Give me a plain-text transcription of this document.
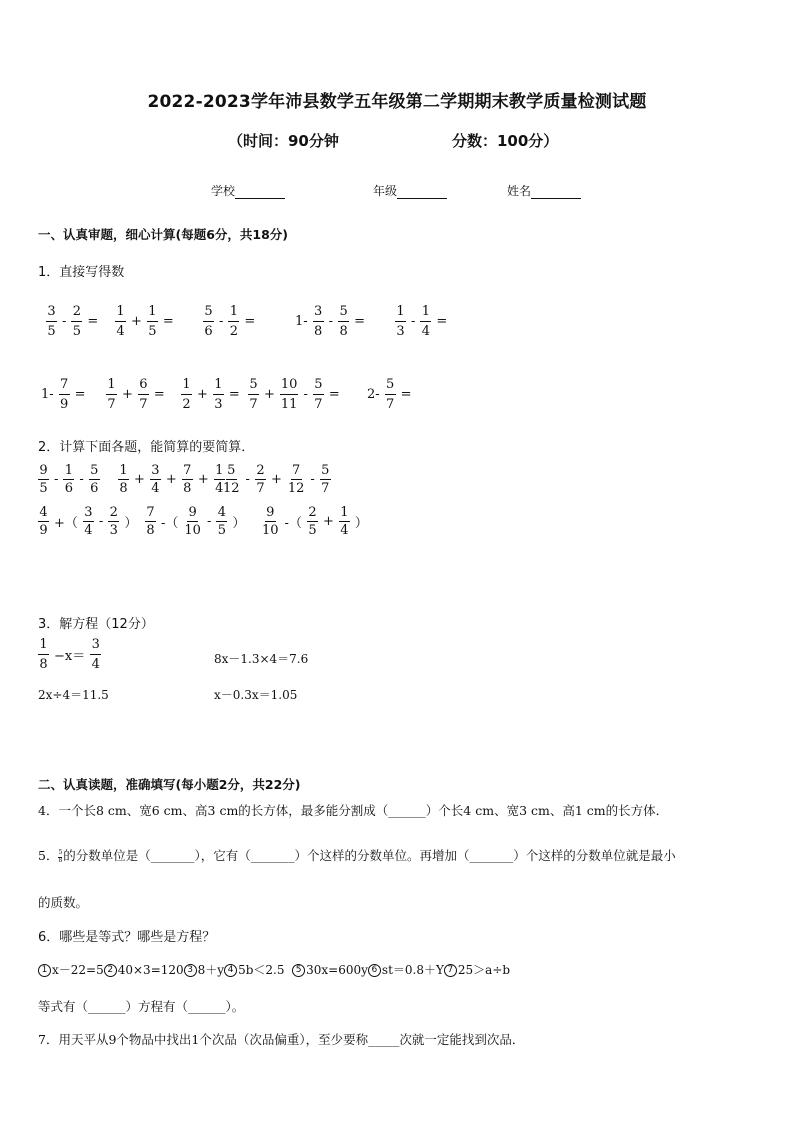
2022-2023学年沛县数学五年级第二学期期末教学质量检测试题
（时间：90分钟	分数：100分）
学校	年级	姓名
一、认真审题，细心计算(每题6分，共18分)
1．直接写得数
$\frac{3}{5} - \frac{2}{5} = \frac{1}{4} + \frac{1}{5} = \frac{5}{6} - \frac{1}{2}$ =	$1- \frac{3}{8} - \frac{5}{8} = \frac{1}{3} - \frac{1}{4}$ =
$1- \frac{7}{9} = \frac{1}{7} + \frac{6}{7} = \frac{1}{2} + \frac{1}{3} = \frac{5}{7} + \frac{10}{11} - \frac{5}{7} = 2- \frac{5}{7}$ =
2．计算下面各题，能简算的要简算．
$\frac{9}{5} - \frac{1}{6} - \frac{5}{6} \frac{1}{8} + \frac{3}{4} + \frac{7}{8} + \frac{1}{4}$
$\frac{5}{12} - \frac{2}{7} + \frac{7}{12} - \frac{5}{7}$
$\frac{4}{9}$ +（ $\frac{3}{4} - \frac{2}{3}$ ） $\frac{7}{8}$ -（ $\frac{9}{10} - \frac{4}{5}$ ） $\frac{9}{10}$ -（ $\frac{2}{5} + \frac{1}{4}$ ）
3．解方程（12分）
$\frac{1}{8} -x= \frac{3}{4}$	8x－1.3×4＝7.6
2x÷4＝11.5	x－0.3x＝1.05
二、认真读题，准确填写(每小题2分，共22分)
4．一个长8 cm、宽6 cm、高3 cm的长方体，最多能分割成（______）个长4 cm、宽3 cm、高1 cm的长方体．
5． $\frac{5}{8}$ 的分数单位是（_______），它有（_______）个这样的分数单位。再增加（_______）个这样的分数单位就是最小
的质数。
6．哪些是等式？哪些是方程？
1 x－22=5 2 40×3=120 3 8＋y 4 5b＜2.5 5 30x=600y 6 st＝0.8＋Y 7 25＞a÷b
等式有（______）方程有（______）。
7．用天平从9个物品中找出1个次品（次品偏重），至少要称_____次就一定能找到次品．
